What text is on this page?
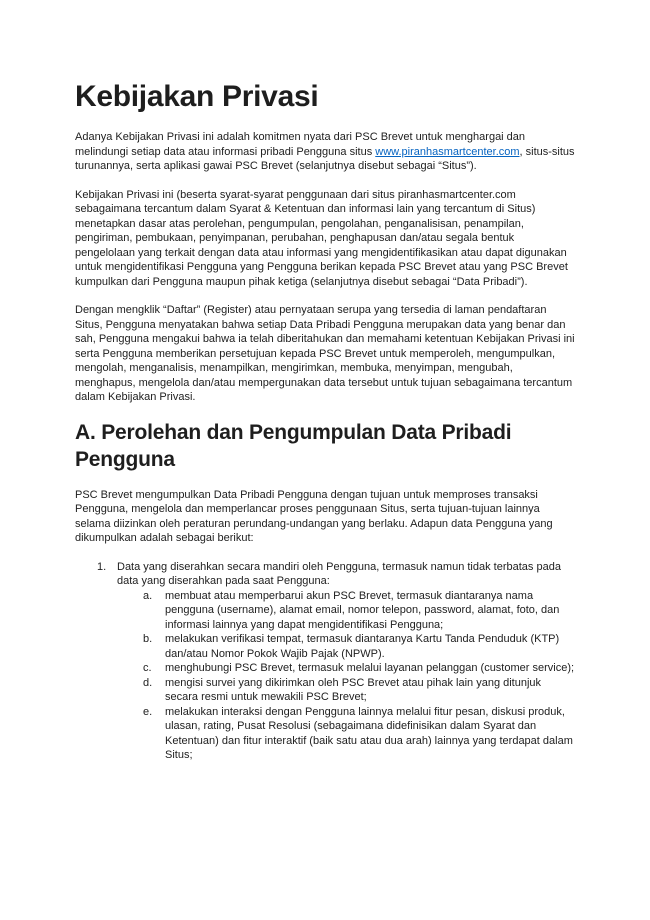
Kebijakan Privasi

Adanya Kebijakan Privasi ini adalah komitmen nyata dari PSC Brevet untuk menghargai dan melindungi setiap data atau informasi pribadi Pengguna situs www.piranhasmartcenter.com, situs-situs turunannya, serta aplikasi gawai PSC Brevet (selanjutnya disebut sebagai “Situs”).

Kebijakan Privasi ini (beserta syarat-syarat penggunaan dari situs piranhasmartcenter.com sebagaimana tercantum dalam Syarat & Ketentuan dan informasi lain yang tercantum di Situs) menetapkan dasar atas perolehan, pengumpulan, pengolahan, penganalisisan, penampilan, pengiriman, pembukaan, penyimpanan, perubahan, penghapusan dan/atau segala bentuk pengelolaan yang terkait dengan data atau informasi yang mengidentifikasikan atau dapat digunakan untuk mengidentifikasi Pengguna yang Pengguna berikan kepada PSC Brevet atau yang PSC Brevet kumpulkan dari Pengguna maupun pihak ketiga (selanjutnya disebut sebagai “Data Pribadi”).

Dengan mengklik “Daftar” (Register) atau pernyataan serupa yang tersedia di laman pendaftaran Situs, Pengguna menyatakan bahwa setiap Data Pribadi Pengguna merupakan data yang benar dan sah, Pengguna mengakui bahwa ia telah diberitahukan dan memahami ketentuan Kebijakan Privasi ini serta Pengguna memberikan persetujuan kepada PSC Brevet untuk memperoleh, mengumpulkan, mengolah, menganalisis, menampilkan, mengirimkan, membuka, menyimpan, mengubah, menghapus, mengelola dan/atau mempergunakan data tersebut untuk tujuan sebagaimana tercantum dalam Kebijakan Privasi.

A. Perolehan dan Pengumpulan Data Pribadi Pengguna

PSC Brevet mengumpulkan Data Pribadi Pengguna dengan tujuan untuk memproses transaksi Pengguna, mengelola dan memperlancar proses penggunaan Situs, serta tujuan-tujuan lainnya selama diizinkan oleh peraturan perundang-undangan yang berlaku. Adapun data Pengguna yang dikumpulkan adalah sebagai berikut:

1. Data yang diserahkan secara mandiri oleh Pengguna, termasuk namun tidak terbatas pada data yang diserahkan pada saat Pengguna:
a.	membuat atau memperbarui akun PSC Brevet, termasuk diantaranya nama pengguna (username), alamat email, nomor telepon, password, alamat, foto, dan informasi lainnya yang dapat mengidentifikasi Pengguna;
b.	melakukan verifikasi tempat, termasuk diantaranya Kartu Tanda Penduduk (KTP) dan/atau Nomor Pokok Wajib Pajak (NPWP).
c.	menghubungi PSC Brevet, termasuk melalui layanan pelanggan (customer service);
d.	mengisi survei yang dikirimkan oleh PSC Brevet atau pihak lain yang ditunjuk secara resmi untuk mewakili PSC Brevet;
e.	melakukan interaksi dengan Pengguna lainnya melalui fitur pesan, diskusi produk, ulasan, rating, Pusat Resolusi (sebagaimana didefinisikan dalam Syarat dan Ketentuan) dan fitur interaktif (baik satu atau dua arah) lainnya yang terdapat dalam Situs;
